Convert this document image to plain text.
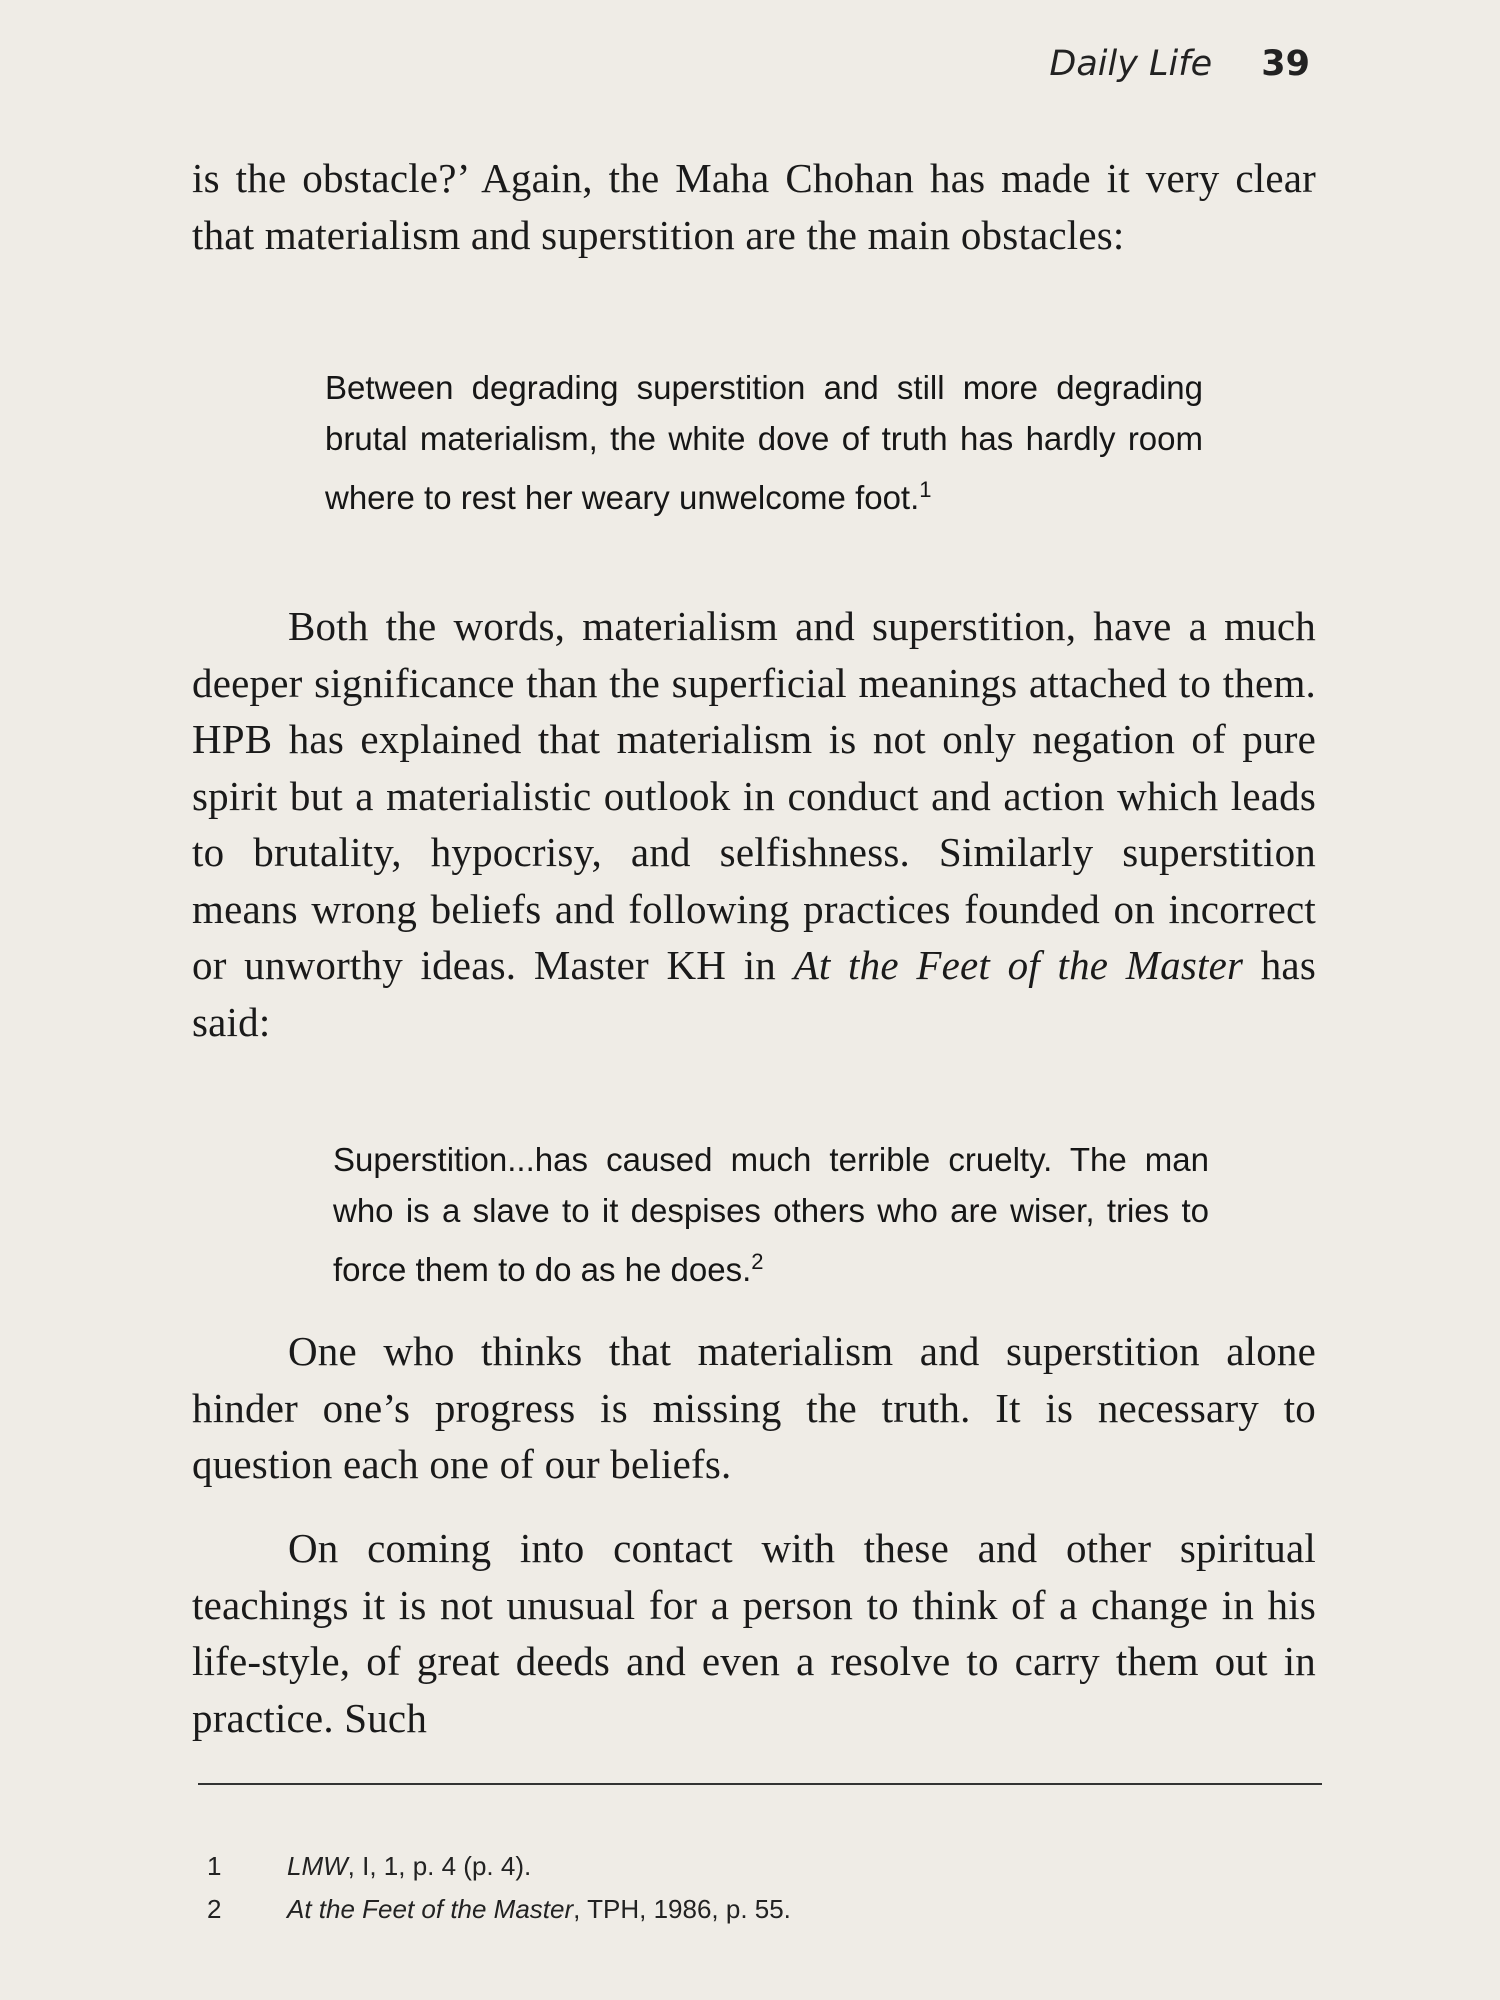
Daily Life 39

is the obstacle?’ Again, the Maha Chohan has made it very clear that materialism and superstition are the main obstacles:

Between degrading superstition and still more degrading brutal materialism, the white dove of truth has hardly room where to rest her weary unwelcome foot.$^1$

Both the words, materialism and superstition, have a much deeper significance than the superficial meanings attached to them. HPB has explained that materialism is not only negation of pure spirit but a materialistic outlook in conduct and action which leads to brutality, hypocrisy, and selfishness. Similarly superstition means wrong beliefs and following practices founded on incorrect or unworthy ideas. Master KH in At the Feet of the Master has said:

Superstition...has caused much terrible cruelty. The man who is a slave to it despises others who are wiser, tries to force them to do as he does.$^2$

One who thinks that materialism and superstition alone hinder one’s progress is missing the truth. It is necessary to question each one of our beliefs.

On coming into contact with these and other spiritual teachings it is not unusual for a person to think of a change in his life-style, of great deeds and even a resolve to carry them out in practice. Such

1	LMW, I, 1, p. 4 (p. 4).
2	At the Feet of the Master, TPH, 1986, p. 55.
